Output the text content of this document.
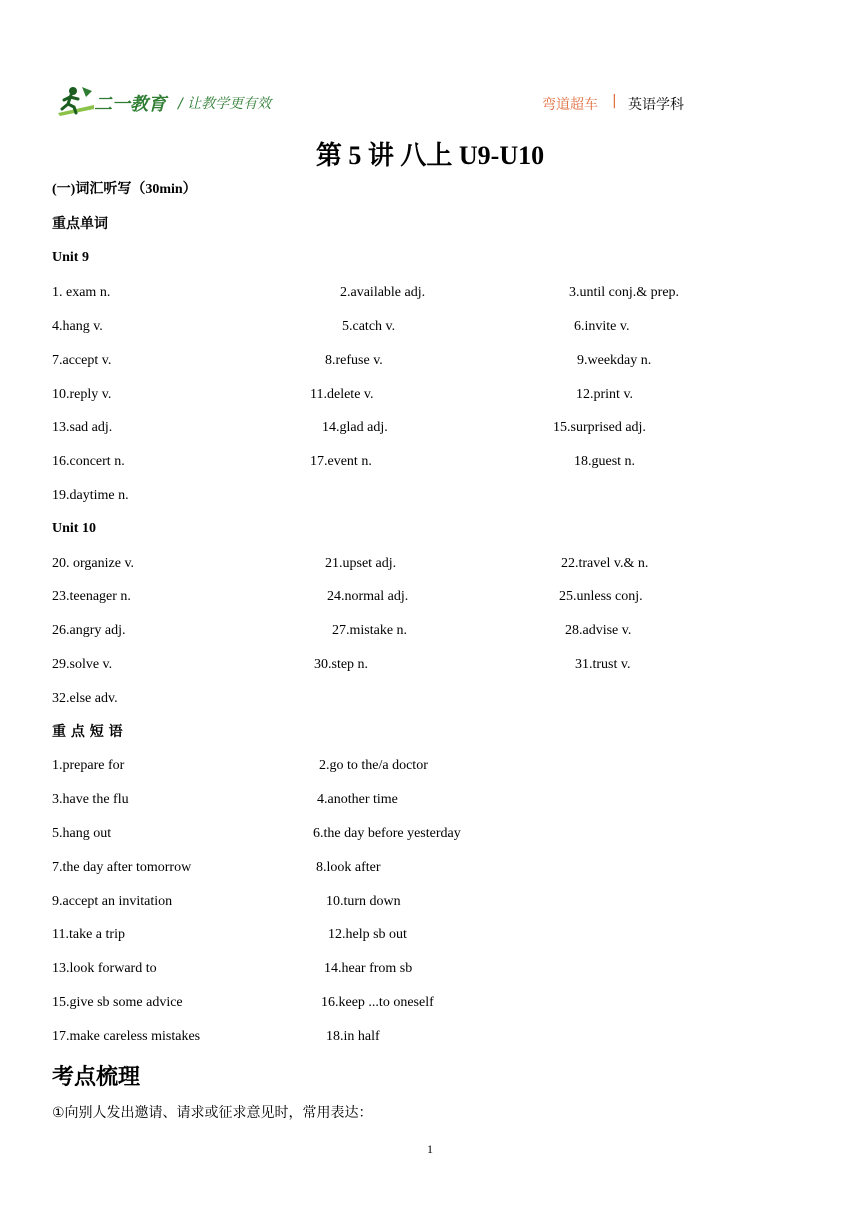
二一教育 / 让教学更有效	弯道超车 | 英语学科
第 5 讲 八上 U9-U10
(一)词汇听写（30min）
重点单词
Unit 9
1. exam n.	2.available adj.	3.until conj.& prep.
4.hang v.	5.catch v.	6.invite v.
7.accept v.	8.refuse v.	9.weekday n.
10.reply v.	11.delete v.	12.print v.
13.sad adj.	14.glad adj.	15.surprised adj.
16.concert n.	17.event n.	18.guest n.
19.daytime n.
Unit 10
20. organize v.	21.upset adj.	22.travel v.& n.
23.teenager n.	24.normal adj.	25.unless conj.
26.angry adj.	27.mistake n.	28.advise v.
29.solve v.	30.step n.	31.trust v.
32.else adv.
重 点 短 语
1.prepare for	2.go to the/a doctor
3.have the flu	4.another time
5.hang out	6.the day before yesterday
7.the day after tomorrow	8.look after
9.accept an invitation	10.turn down
11.take a trip	12.help sb out
13.look forward to	14.hear from sb
15.give sb some advice	16.keep ...to oneself
17.make careless mistakes	18.in half
考点梳理
①向别人发出邀请、请求或征求意见时，常用表达：
1
